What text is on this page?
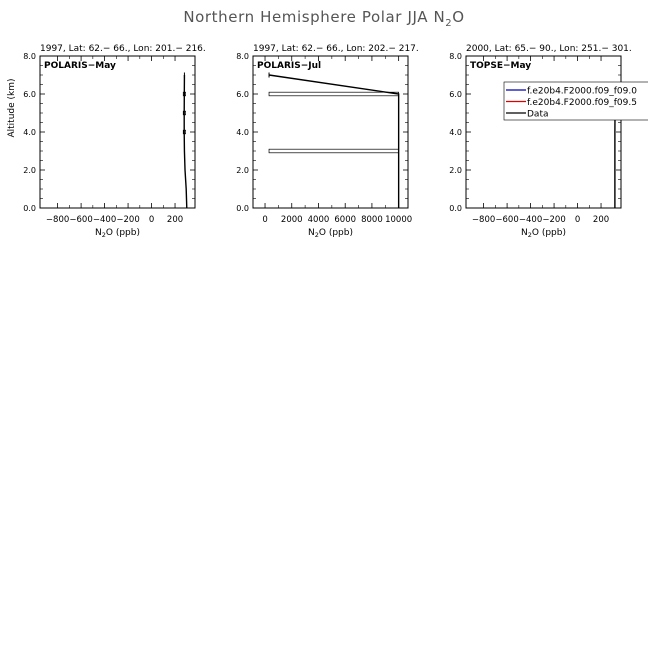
Northern Hemisphere Polar JJA $N_2O$
1997, Lat: 62.− 66., Lon: 201.− 216.
POLARIS−May
−800 −600 −400 −200 0 200
0.0
2.0
4.0
6.0
8.0
$N_2O$ (ppb)
Altitude (km)
1997, Lat: 62.− 66., Lon: 202.− 217.
POLARIS−Jul
0 2000 4000 6000 8000 10000
0.0
2.0
4.0
6.0
8.0
$N_2O$ (ppb)
2000, Lat: 65.− 90., Lon: 251.− 301.
TOPSE−May
−800 −600 −400 −200 0 200
0.0
2.0
4.0
6.0
8.0
$N_2O$ (ppb)
f.e20b4.F2000.f09_f09.0
f.e20b4.F2000.f09_f09.5
Data
